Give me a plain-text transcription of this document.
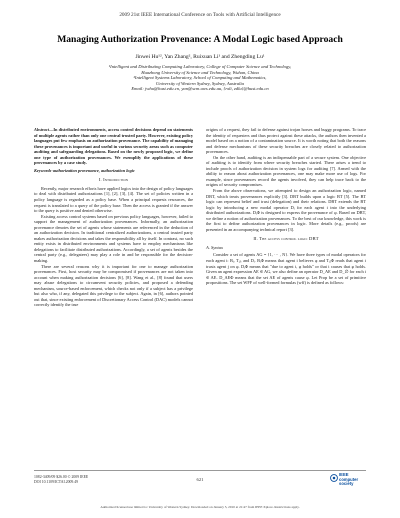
2009 21st IEEE International Conference on Tools with Artificial Intelligence
Managing Authorization Provenance: A Modal Logic based Approach
Jinwei Hu¹², Yan Zhang², Ruixuan Li¹ and Zhengding Lu¹
¹Intelligent and Distributing Computing Laboratory, College of Computer Science and Technology,
Huazhong University of Science and Technology, Wuhan, China
²Intelligent Systems Laboratory, School of Computing and Mathematics,
University of Western Sydney, Sydney, Australia
Email: jwhu@hust.edu.cn, yan@scm.uws.edu.au, {rxli, zdlu}@hust.edu.cn

Abstract—In distributed environments, access control decisions depend on statements of multiple agents rather than only one central trusted party. However, existing policy languages put few emphasis on authorization provenance. The capability of managing these provenances is important and useful in various security areas such as computer auditing and safeguarding delegations. Based on the newly proposed logic, we define one type of authorization provenances. We exemplify the applications of these provenances by a case study.

Keywords-authorization provenance, authorization logic

I. Introduction

Recently, major research efforts have applied logics into the design of policy languages to deal with distributed authorizations [1], [2], [3], [4]. The set of policies written in a policy language is regarded as a policy base. When a principal requests resources, the request is translated to a query of the policy base. Then the access is granted if the answer to the query is positive and denied otherwise.

Existing access control systems based on previous policy languages, however, failed to support the management of authorization provenances. Informally, an authorization provenance denotes the set of agents whose statements are referenced in the deduction of an authorization decision. In traditional centralized authorizations, a central trusted party makes authorization decisions and takes the responsibility all by itself. In contrast, no such entity exists in distributed environments and systems have to employ mechanisms like delegations to facilitate distributed authorizations. Accordingly, a set of agents besides the central party (e.g., delegatees) may play a role in and be responsible for the decision-making.

There are several reasons why it is important for one to manage authorization provenances. First, host security may be compromised if provenances are not taken into account when making authorization decisions [6], [8]. Wang et al., [8] found that users may abuse delegations to circumvent security policies, and proposed a defending mechanism, source-based enforcement, which checks not only if a subject has a privilege but also who, if any, delegated this privilege to the subject. Again, in [6], authors pointed out that, since existing enforcement of Discretionary Access Control (DAC) models cannot correctly identify the true

origins of a request, they fail to defense against trojan horses and buggy programs. To trace the identity of requesters and thus protect against these attacks, the authors then invented a model based on a notion of a contamination source. It is worth noting that both the reasons and defense mechanisms of these security breaches are closely related to authorization provenances.

On the other hand, auditing is an indispensable part of a secure system. One objective of auditing is to identify from where security breaches started. There arises a trend to include proofs of authorization decision in system logs for auditing [7]. Armed with the ability to reason about authorization provenances, one may make more use of logs. For example, since provenances record the agents involved, they can help trace back to the origins of security compromises.

From the above observations, we attempted to design an authorization logic, named DBT, which treats provenances explicitly [3]. DBT builds upon a logic BT [5]. The BT logic can represent belief and trust (delegation) and their relations. DBT extends the BT logic by introducing a new modal operator Dᵢ for each agent i into the underlying distributed authorizations. DᵢΦ is designed to express the provenance of φ. Based on DBT, we define a notion of authorization provenances. To the best of our knowledge, this work is the first to define authorization provenances in logic. More details (e.g., proofs) are presented in an accompanying technical report [3].

II. The access control logic DBT
A. Syntax

Consider a set of agents AG = {1, ··· , N}. We have three types of modal operators for each agent i: Bᵢ, Tᵢⱼ, and Dᵢ. BᵢΦ means that agent i believes φ and TᵢⱼΦ reads that agent i trusts agent j on φ. DᵢΦ means that "due to agent i, φ holds" or that i causes that φ holds. Given an agent expression AE ∈ AG, we also define an operator D_AE and D_∅ for each i ∈ AE. D_AEΦ means that the set AE of agents cause φ. Let Prop be a set of primitive propositions. The set WFF of well-formed formulas (wff) is defined as follows:

1082-3409/09 $26.00 © 2009 IEEE
DOI 10.1109/ICTAI.2009.49	621
IEEE
computer society
Authorized licensed use limited to: University of Western Sydney. Downloaded on January 5, 2010 at 21:47 from IEEE Xplore. Restrictions apply.
